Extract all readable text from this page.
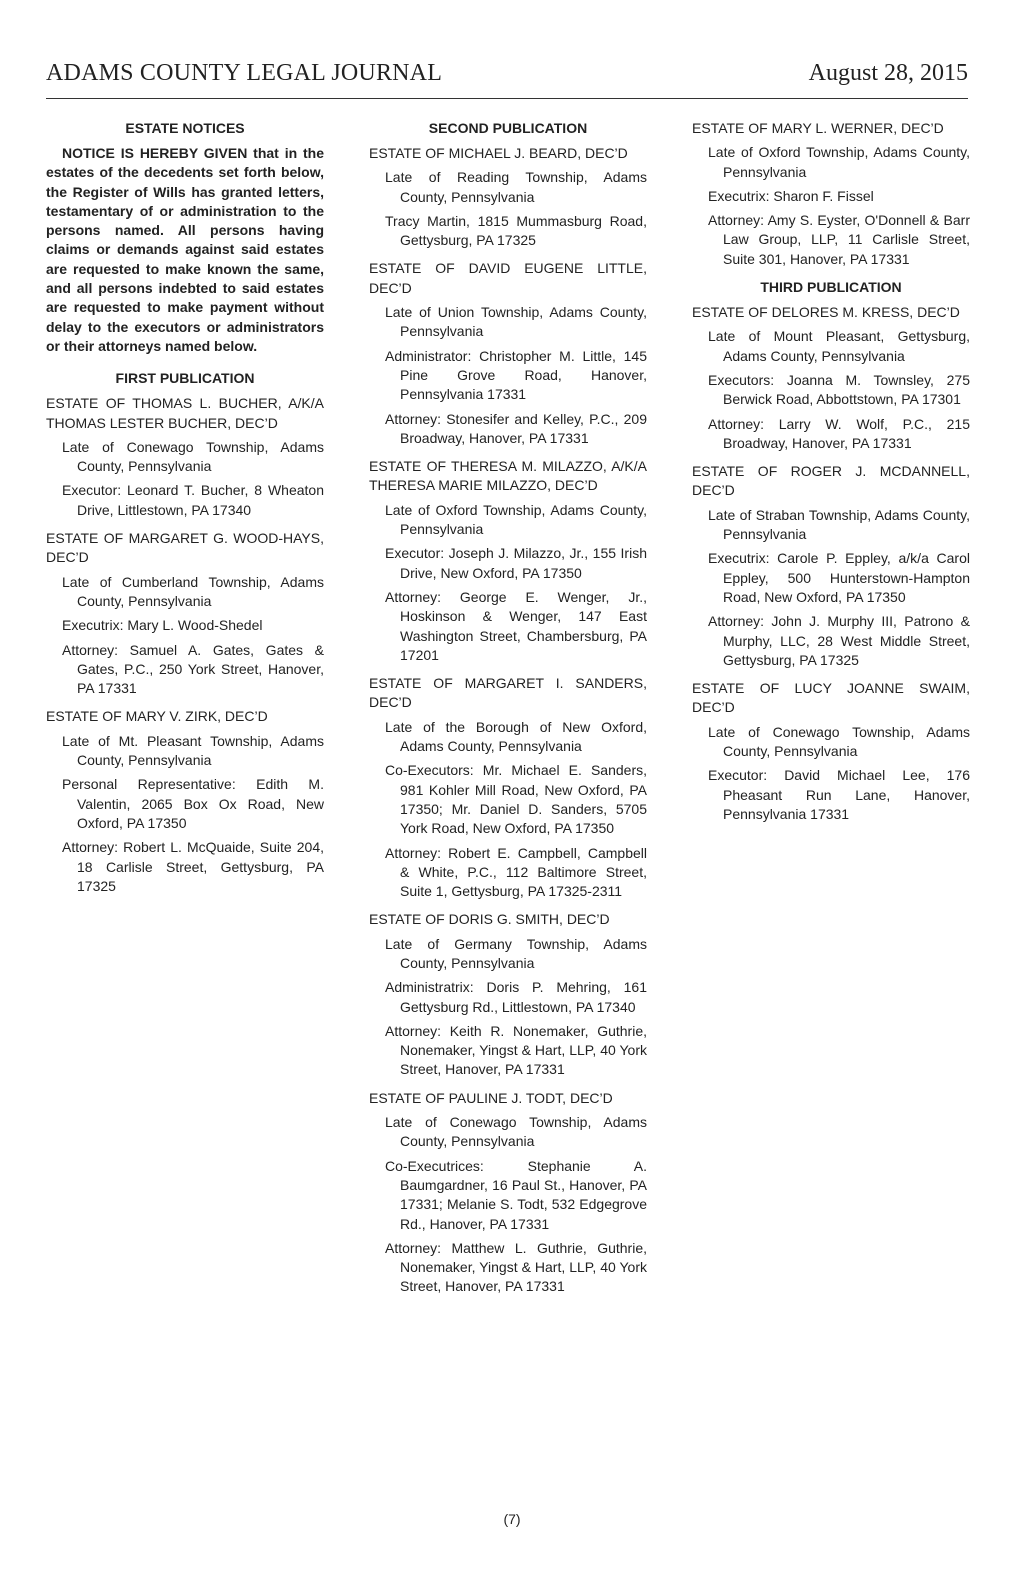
ADAMS COUNTY LEGAL JOURNAL	August 28, 2015
ESTATE NOTICES
NOTICE IS HEREBY GIVEN that in the estates of the decedents set forth below, the Register of Wills has granted letters, testamentary of or administration to the persons named. All persons having claims or demands against said estates are requested to make known the same, and all persons indebted to said estates are requested to make payment without delay to the executors or administrators or their attorneys named below.
FIRST PUBLICATION
ESTATE OF THOMAS L. BUCHER, A/K/A THOMAS LESTER BUCHER, DEC’D
Late of Conewago Township, Adams County, Pennsylvania
Executor: Leonard T. Bucher, 8 Wheaton Drive, Littlestown, PA 17340
ESTATE OF MARGARET G. WOOD-HAYS, DEC’D
Late of Cumberland Township, Adams County, Pennsylvania
Executrix: Mary L. Wood-Shedel
Attorney: Samuel A. Gates, Gates & Gates, P.C., 250 York Street, Hanover, PA 17331
ESTATE OF MARY V. ZIRK, DEC’D
Late of Mt. Pleasant Township, Adams County, Pennsylvania
Personal Representative: Edith M. Valentin, 2065 Box Ox Road, New Oxford, PA 17350
Attorney: Robert L. McQuaide, Suite 204, 18 Carlisle Street, Gettysburg, PA 17325
SECOND PUBLICATION
ESTATE OF MICHAEL J. BEARD, DEC’D
Late of Reading Township, Adams County, Pennsylvania
Tracy Martin, 1815 Mummasburg Road, Gettysburg, PA 17325
ESTATE OF DAVID EUGENE LITTLE, DEC’D
Late of Union Township, Adams County, Pennsylvania
Administrator: Christopher M. Little, 145 Pine Grove Road, Hanover, Pennsylvania 17331
Attorney: Stonesifer and Kelley, P.C., 209 Broadway, Hanover, PA 17331
ESTATE OF THERESA M. MILAZZO, A/K/A THERESA MARIE MILAZZO, DEC’D
Late of Oxford Township, Adams County, Pennsylvania
Executor: Joseph J. Milazzo, Jr., 155 Irish Drive, New Oxford, PA 17350
Attorney: George E. Wenger, Jr., Hoskinson & Wenger, 147 East Washington Street, Chambersburg, PA 17201
ESTATE OF MARGARET I. SANDERS, DEC’D
Late of the Borough of New Oxford, Adams County, Pennsylvania
Co-Executors: Mr. Michael E. Sanders, 981 Kohler Mill Road, New Oxford, PA 17350; Mr. Daniel D. Sanders, 5705 York Road, New Oxford, PA 17350
Attorney: Robert E. Campbell, Campbell & White, P.C., 112 Baltimore Street, Suite 1, Gettysburg, PA 17325-2311
ESTATE OF DORIS G. SMITH, DEC’D
Late of Germany Township, Adams County, Pennsylvania
Administratrix: Doris P. Mehring, 161 Gettysburg Rd., Littlestown, PA 17340
Attorney: Keith R. Nonemaker, Guthrie, Nonemaker, Yingst & Hart, LLP, 40 York Street, Hanover, PA 17331
ESTATE OF PAULINE J. TODT, DEC’D
Late of Conewago Township, Adams County, Pennsylvania
Co-Executrices: Stephanie A. Baumgardner, 16 Paul St., Hanover, PA 17331; Melanie S. Todt, 532 Edgegrove Rd., Hanover, PA 17331
Attorney: Matthew L. Guthrie, Guthrie, Nonemaker, Yingst & Hart, LLP, 40 York Street, Hanover, PA 17331
ESTATE OF MARY L. WERNER, DEC’D
Late of Oxford Township, Adams County, Pennsylvania
Executrix: Sharon F. Fissel
Attorney: Amy S. Eyster, O'Donnell & Barr Law Group, LLP, 11 Carlisle Street, Suite 301, Hanover, PA 17331
THIRD PUBLICATION
ESTATE OF DELORES M. KRESS, DEC’D
Late of Mount Pleasant, Gettysburg, Adams County, Pennsylvania
Executors: Joanna M. Townsley, 275 Berwick Road, Abbottstown, PA 17301
Attorney: Larry W. Wolf, P.C., 215 Broadway, Hanover, PA 17331
ESTATE OF ROGER J. MCDANNELL, DEC’D
Late of Straban Township, Adams County, Pennsylvania
Executrix: Carole P. Eppley, a/k/a Carol Eppley, 500 Hunterstown-Hampton Road, New Oxford, PA 17350
Attorney: John J. Murphy III, Patrono & Murphy, LLC, 28 West Middle Street, Gettysburg, PA 17325
ESTATE OF LUCY JOANNE SWAIM, DEC’D
Late of Conewago Township, Adams County, Pennsylvania
Executor: David Michael Lee, 176 Pheasant Run Lane, Hanover, Pennsylvania 17331
(7)
